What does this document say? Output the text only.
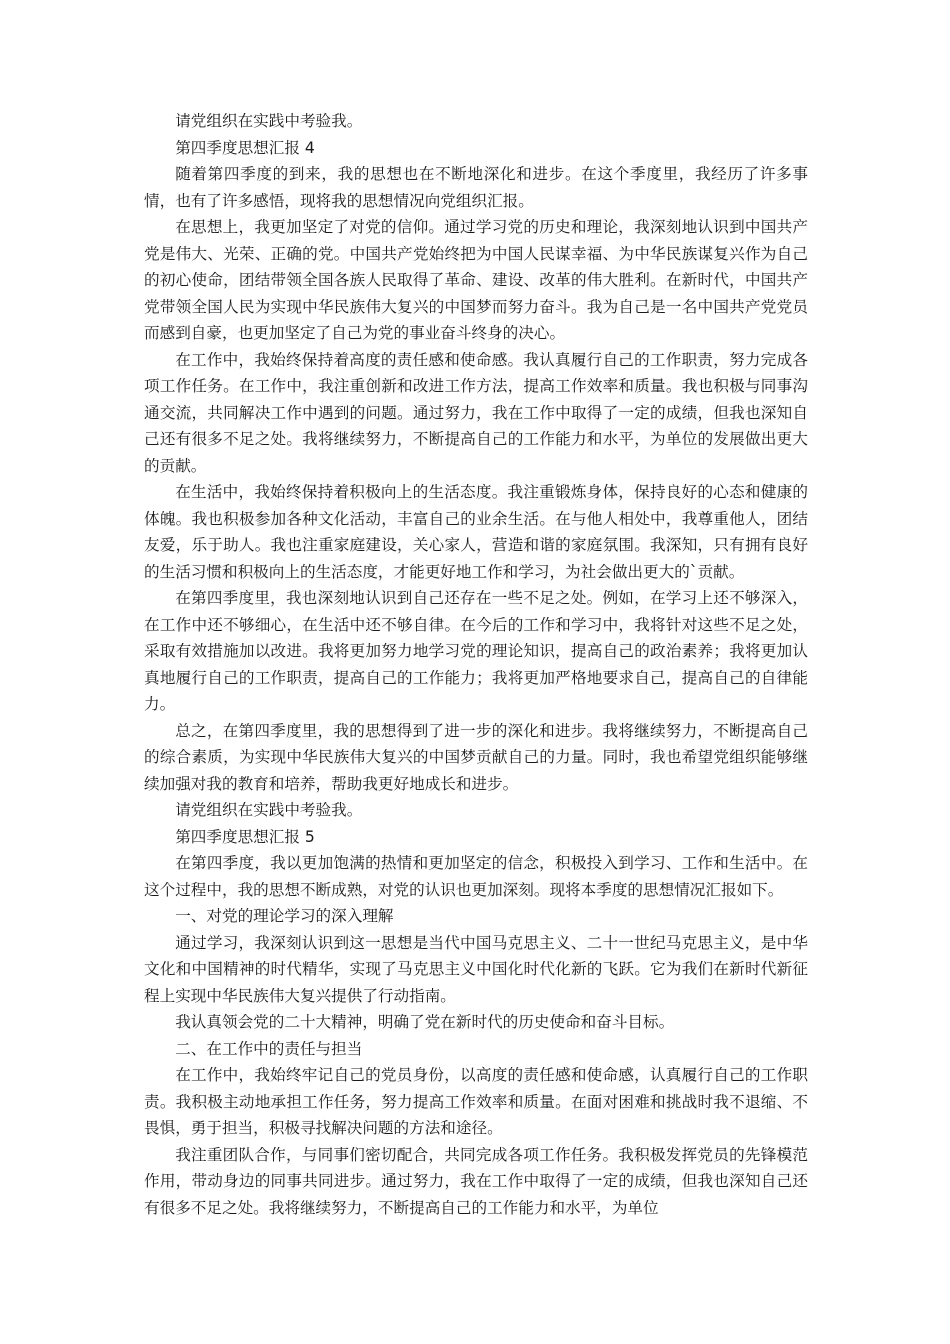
请党组织在实践中考验我。

第四季度思想汇报 4

随着第四季度的到来，我的思想也在不断地深化和进步。在这个季度里，我经历了许多事情，也有了许多感悟，现将我的思想情况向党组织汇报。

在思想上，我更加坚定了对党的信仰。通过学习党的历史和理论，我深刻地认识到中国共产党是伟大、光荣、正确的党。中国共产党始终把为中国人民谋幸福、为中华民族谋复兴作为自己的初心使命，团结带领全国各族人民取得了革命、建设、改革的伟大胜利。在新时代，中国共产党带领全国人民为实现中华民族伟大复兴的中国梦而努力奋斗。我为自己是一名中国共产党党员而感到自豪，也更加坚定了自己为党的事业奋斗终身的决心。

在工作中，我始终保持着高度的责任感和使命感。我认真履行自己的工作职责，努力完成各项工作任务。在工作中，我注重创新和改进工作方法，提高工作效率和质量。我也积极与同事沟通交流，共同解决工作中遇到的问题。通过努力，我在工作中取得了一定的成绩，但我也深知自己还有很多不足之处。我将继续努力，不断提高自己的工作能力和水平，为单位的发展做出更大的贡献。

在生活中，我始终保持着积极向上的生活态度。我注重锻炼身体，保持良好的心态和健康的体魄。我也积极参加各种文化活动，丰富自己的业余生活。在与他人相处中，我尊重他人，团结友爱，乐于助人。我也注重家庭建设，关心家人，营造和谐的家庭氛围。我深知，只有拥有良好的生活习惯和积极向上的生活态度，才能更好地工作和学习，为社会做出更大的`贡献。

在第四季度里，我也深刻地认识到自己还存在一些不足之处。例如，在学习上还不够深入，在工作中还不够细心，在生活中还不够自律。在今后的工作和学习中，我将针对这些不足之处，采取有效措施加以改进。我将更加努力地学习党的理论知识，提高自己的政治素养；我将更加认真地履行自己的工作职责，提高自己的工作能力；我将更加严格地要求自己，提高自己的自律能力。

总之，在第四季度里，我的思想得到了进一步的深化和进步。我将继续努力，不断提高自己的综合素质，为实现中华民族伟大复兴的中国梦贡献自己的力量。同时，我也希望党组织能够继续加强对我的教育和培养，帮助我更好地成长和进步。

请党组织在实践中考验我。

第四季度思想汇报 5

在第四季度，我以更加饱满的热情和更加坚定的信念，积极投入到学习、工作和生活中。在这个过程中，我的思想不断成熟，对党的认识也更加深刻。现将本季度的思想情况汇报如下。

一、对党的理论学习的深入理解

通过学习，我深刻认识到这一思想是当代中国马克思主义、二十一世纪马克思主义，是中华文化和中国精神的时代精华，实现了马克思主义中国化时代化新的飞跃。它为我们在新时代新征程上实现中华民族伟大复兴提供了行动指南。

我认真领会党的二十大精神，明确了党在新时代的历史使命和奋斗目标。

二、在工作中的责任与担当

在工作中，我始终牢记自己的党员身份，以高度的责任感和使命感，认真履行自己的工作职责。我积极主动地承担工作任务，努力提高工作效率和质量。在面对困难和挑战时我不退缩、不畏惧，勇于担当，积极寻找解决问题的方法和途径。

我注重团队合作，与同事们密切配合，共同完成各项工作任务。我积极发挥党员的先锋模范作用，带动身边的同事共同进步。通过努力，我在工作中取得了一定的成绩，但我也深知自己还有很多不足之处。我将继续努力，不断提高自己的工作能力和水平，为单位
